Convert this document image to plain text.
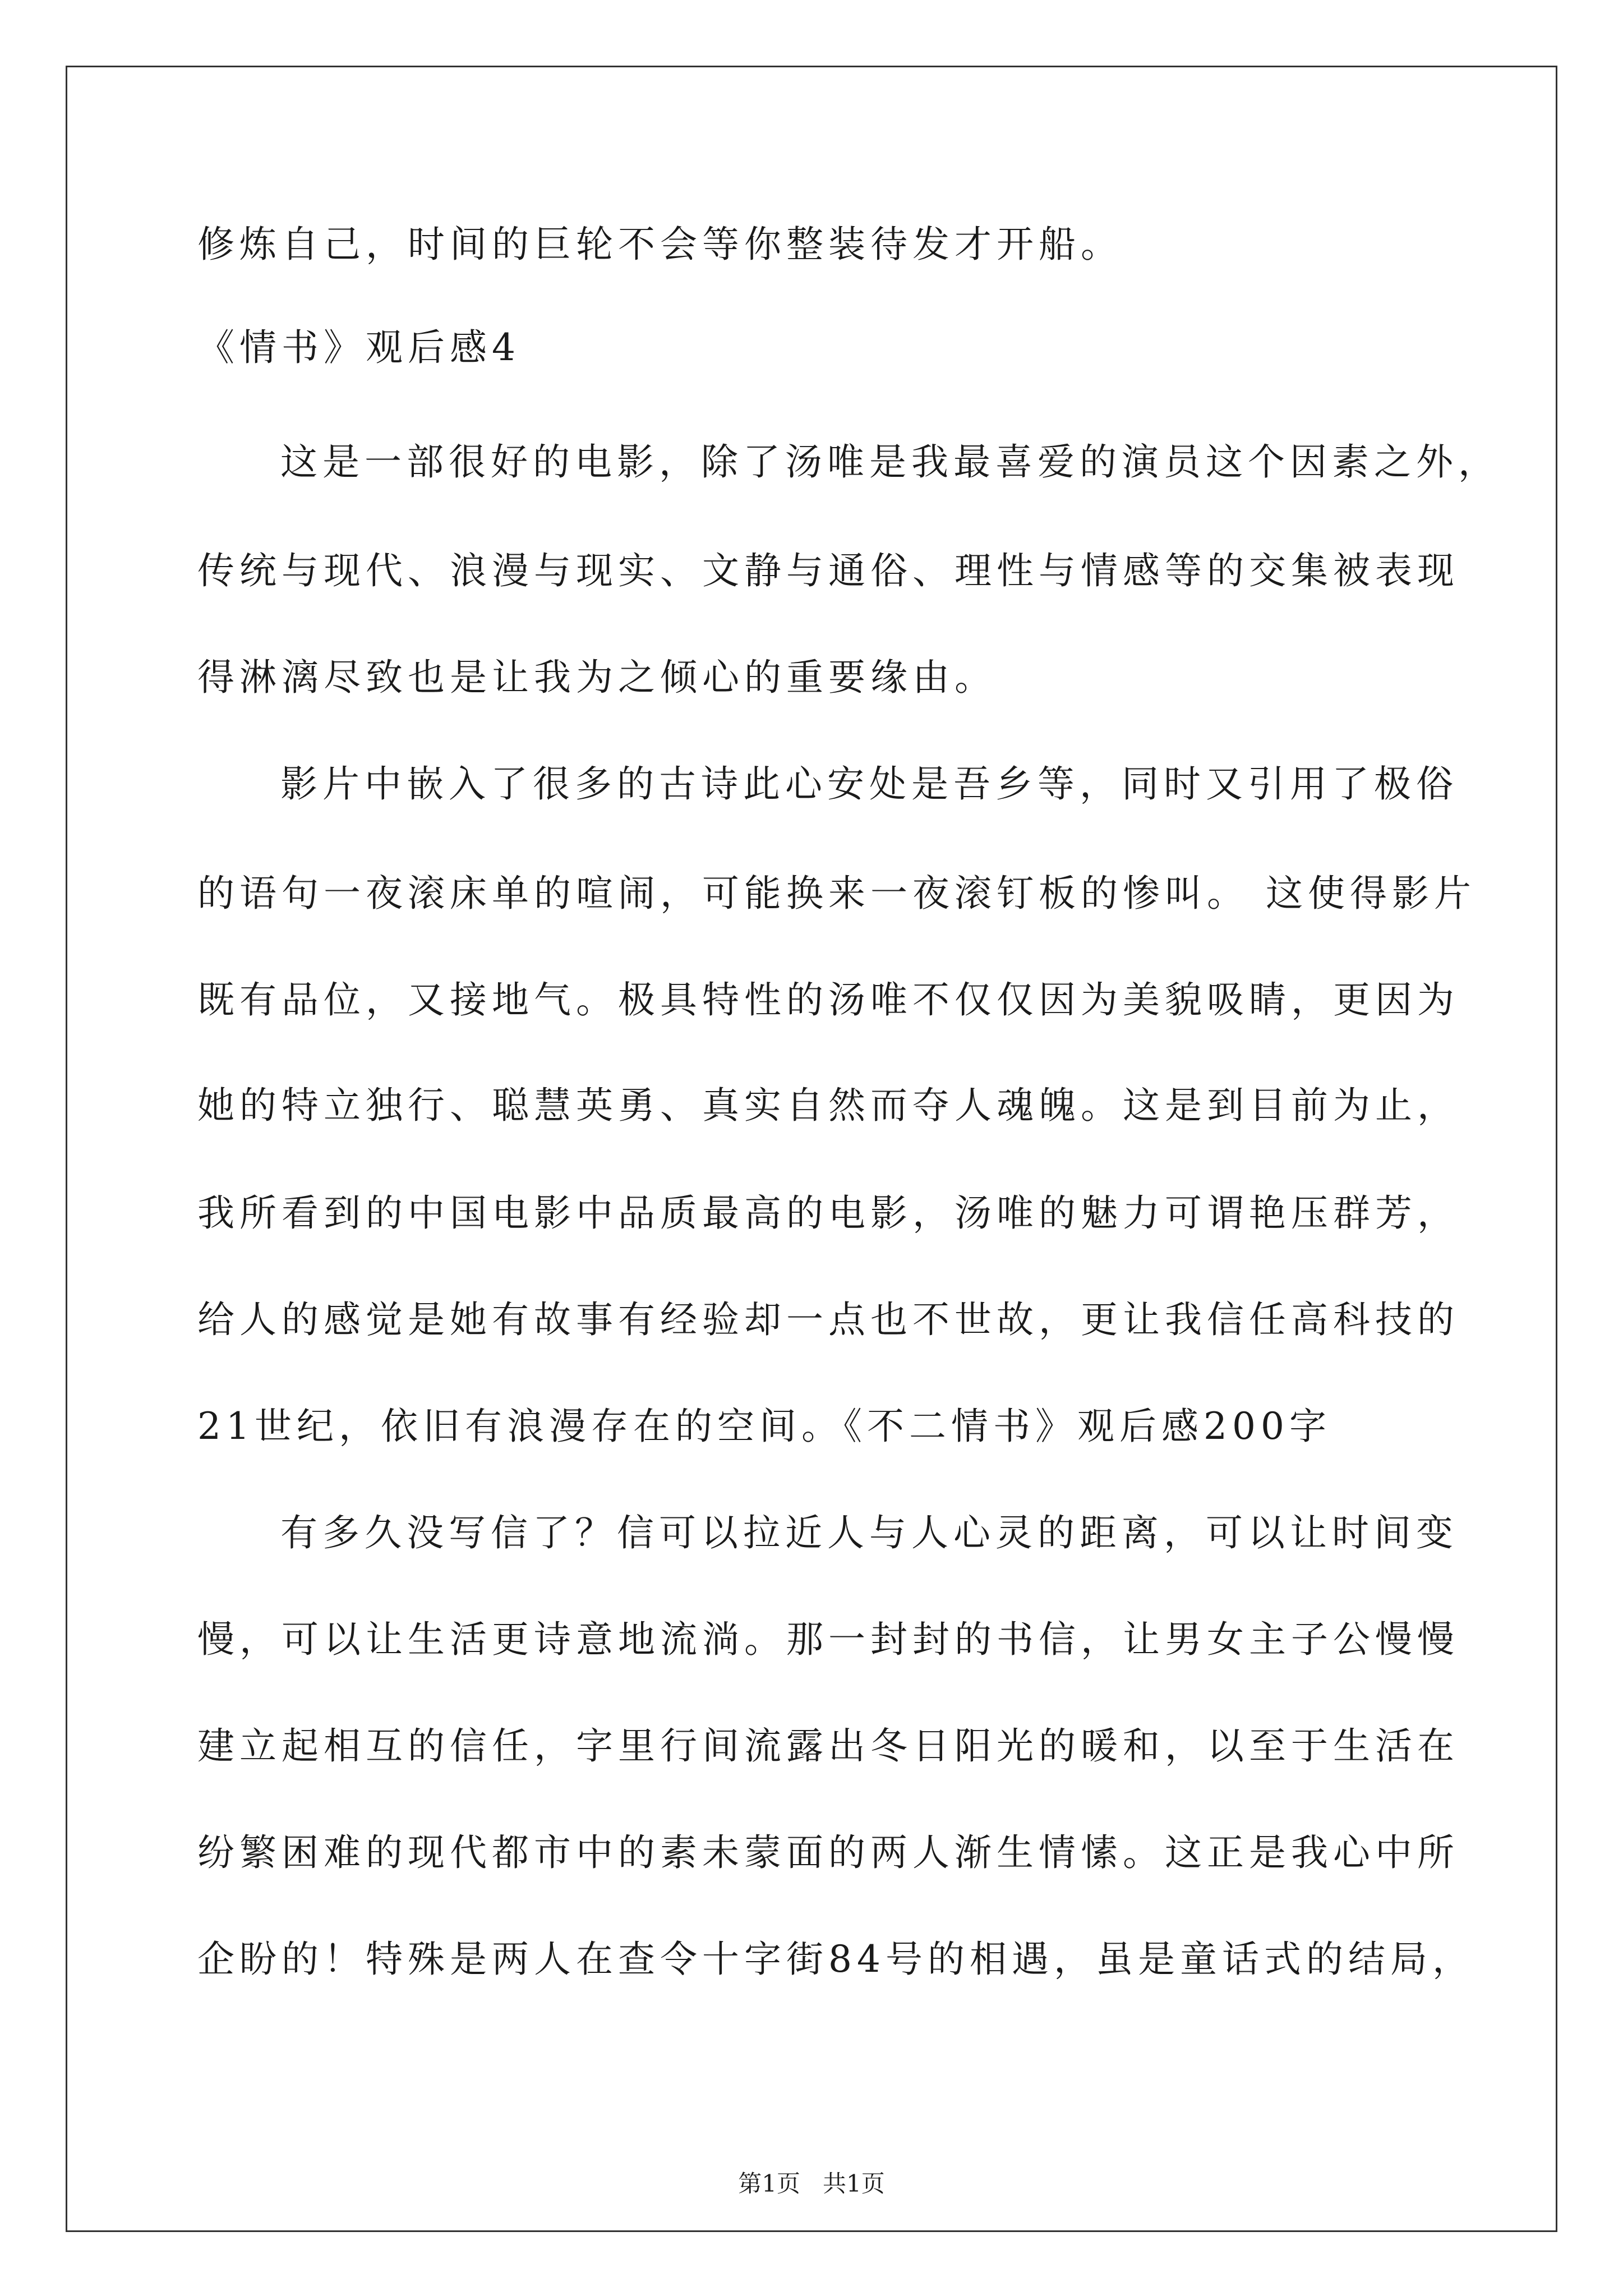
修炼自己，时间的巨轮不会等你整装待发才开船。
《情书》观后感4
这是一部很好的电影，除了汤唯是我最喜爱的演员这个因素之外，
传统与现代、浪漫与现实、文静与通俗、理性与情感等的交集被表现
得淋漓尽致也是让我为之倾心的重要缘由。
影片中嵌入了很多的古诗此心安处是吾乡等，同时又引用了极俗
的语句一夜滚床单的喧闹，可能换来一夜滚钉板的惨叫。 这使得影片
既有品位，又接地气。极具特性的汤唯不仅仅因为美貌吸睛，更因为
她的特立独行、聪慧英勇、真实自然而夺人魂魄。这是到目前为止，
我所看到的中国电影中品质最高的电影，汤唯的魅力可谓艳压群芳，
给人的感觉是她有故事有经验却一点也不世故，更让我信任高科技的
21世纪，依旧有浪漫存在的空间。《不二情书》观后感200字
有多久没写信了？信可以拉近人与人心灵的距离，可以让时间变
慢，可以让生活更诗意地流淌。那一封封的书信，让男女主子公慢慢
建立起相互的信任，字里行间流露出冬日阳光的暖和，以至于生活在
纷繁困难的现代都市中的素未蒙面的两人渐生情愫。这正是我心中所
企盼的！特殊是两人在查令十字街84号的相遇，虽是童话式的结局，
第1页   共1页
